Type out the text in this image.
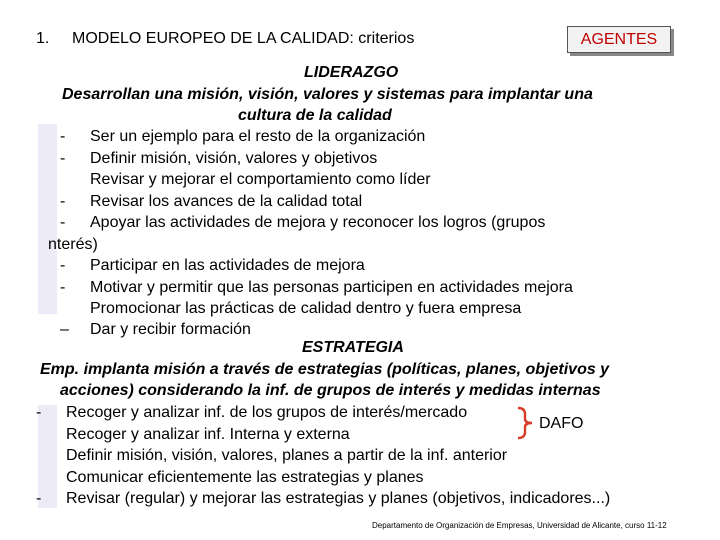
1. MODELO EUROPEO DE LA CALIDAD: criterios	AGENTES
LIDERAZGO
Desarrollan una misión, visión, valores y sistemas para implantar una
cultura de la calidad
- Ser un ejemplo para el resto de la organización
- Definir misión, visión, valores y objetivos
Revisar y mejorar el comportamiento como líder
- Revisar los avances de la calidad total
- Apoyar las actividades de mejora y reconocer los logros (grupos
nterés)
- Participar en las actividades de mejora
- Motivar y permitir que las personas participen en actividades mejora
Promocionar las prácticas de calidad dentro y fuera empresa
– Dar y recibir formación
ESTRATEGIA
Emp. implanta misión a través de estrategias (políticas, planes, objetivos y
acciones) considerando la inf. de grupos de interés y medidas internas
- Recoger y analizar inf. de los grupos de interés/mercado
Recoger y analizar inf. Interna y externa
Definir misión, visión, valores, planes a partir de la inf. anterior
Comunicar eficientemente las estrategias y planes
- Revisar (regular) y mejorar las estrategias y planes (objetivos, indicadores...)
DAFO
Departamento de Organización de Empresas, Universidad de Alicante, curso 11-12
